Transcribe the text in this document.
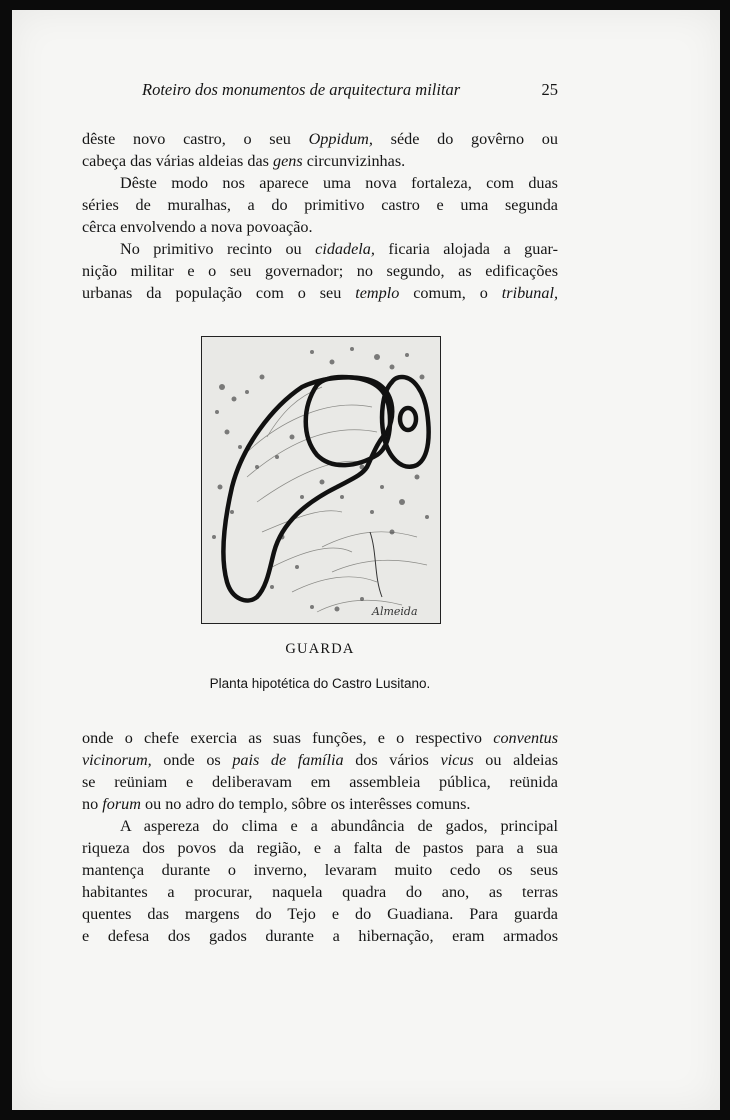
Roteiro dos monumentos de arquitectura militar	25

dêste novo castro, o seu Oppidum, séde do govêrno ou
cabeça das várias aldeias das gens circunvizinhas.

Dêste modo nos aparece uma nova fortaleza, com duas
séries de muralhas, a do primitivo castro e uma segunda
cêrca envolvendo a nova povoação.

No primitivo recinto ou cidadela, ficaria alojada a guar-
nição militar e o seu governador; no segundo, as edificações
urbanas da população com o seu templo comum, o tribunal,

Almeida
GUARDA
Planta hipotética do Castro Lusitano.

onde o chefe exercia as suas funções, e o respectivo conventus
vicinorum, onde os pais de família dos vários vicus ou aldeias
se reüniam e deliberavam em assembleia pública, reünida
no forum ou no adro do templo, sôbre os interêsses comuns.

A aspereza do clima e a abundância de gados, principal
riqueza dos povos da região, e a falta de pastos para a sua
mantença durante o inverno, levaram muito cedo os seus
habitantes a procurar, naquela quadra do ano, as terras
quentes das margens do Tejo e do Guadiana. Para guarda
e defesa dos gados durante a hibernação, eram armados
